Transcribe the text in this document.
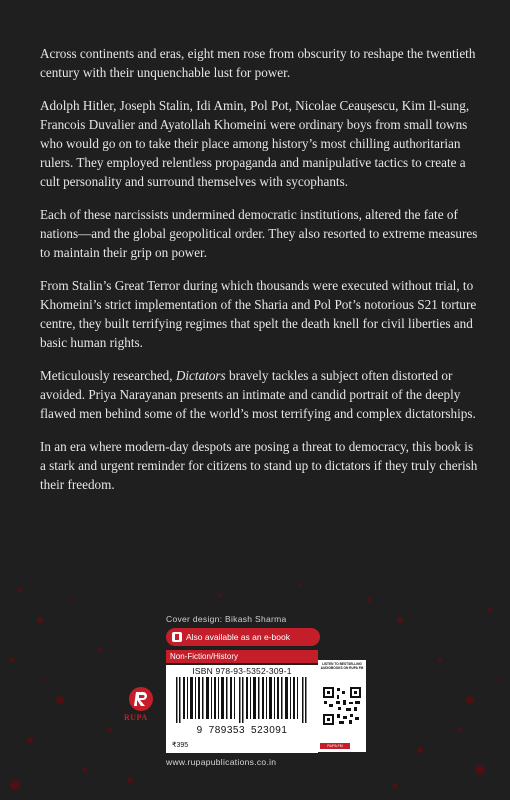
Across continents and eras, eight men rose from obscurity to reshape the twentieth century with their unquenchable lust for power.

Adolph Hitler, Joseph Stalin, Idi Amin, Pol Pot, Nicolae Ceaușescu, Kim Il-sung, Francois Duvalier and Ayatollah Khomeini were ordinary boys from small towns who would go on to take their place among history’s most chilling authoritarian rulers. They employed relentless propaganda and manipulative tactics to create a cult personality and surround themselves with sycophants.

Each of these narcissists undermined democratic institutions, altered the fate of nations—and the global geopolitical order. They also resorted to extreme measures to maintain their grip on power.

From Stalin’s Great Terror during which thousands were executed without trial, to Khomeini’s strict implementation of the Sharia and Pol Pot’s notorious S21 torture centre, they built terrifying regimes that spelt the death knell for civil liberties and basic human rights.

Meticulously researched, Dictators bravely tackles a subject often distorted or avoided. Priya Narayanan presents an intimate and candid portrait of the deeply flawed men behind some of the world’s most terrifying and complex dictatorships.

In an era where modern-day despots are posing a threat to democracy, this book is a stark and urgent reminder for citizens to stand up to dictators if they truly cherish their freedom.

Cover design: Bikash Sharma
Also available as an e-book
Non-Fiction/History
ISBN 978-93-5352-309-1
9 789353 523091
₹395
www.rupapublications.co.in
RUPA
LISTEN TO BESTSELLING AUDIOBOOKS ON RUPA FM
RUPA FM
